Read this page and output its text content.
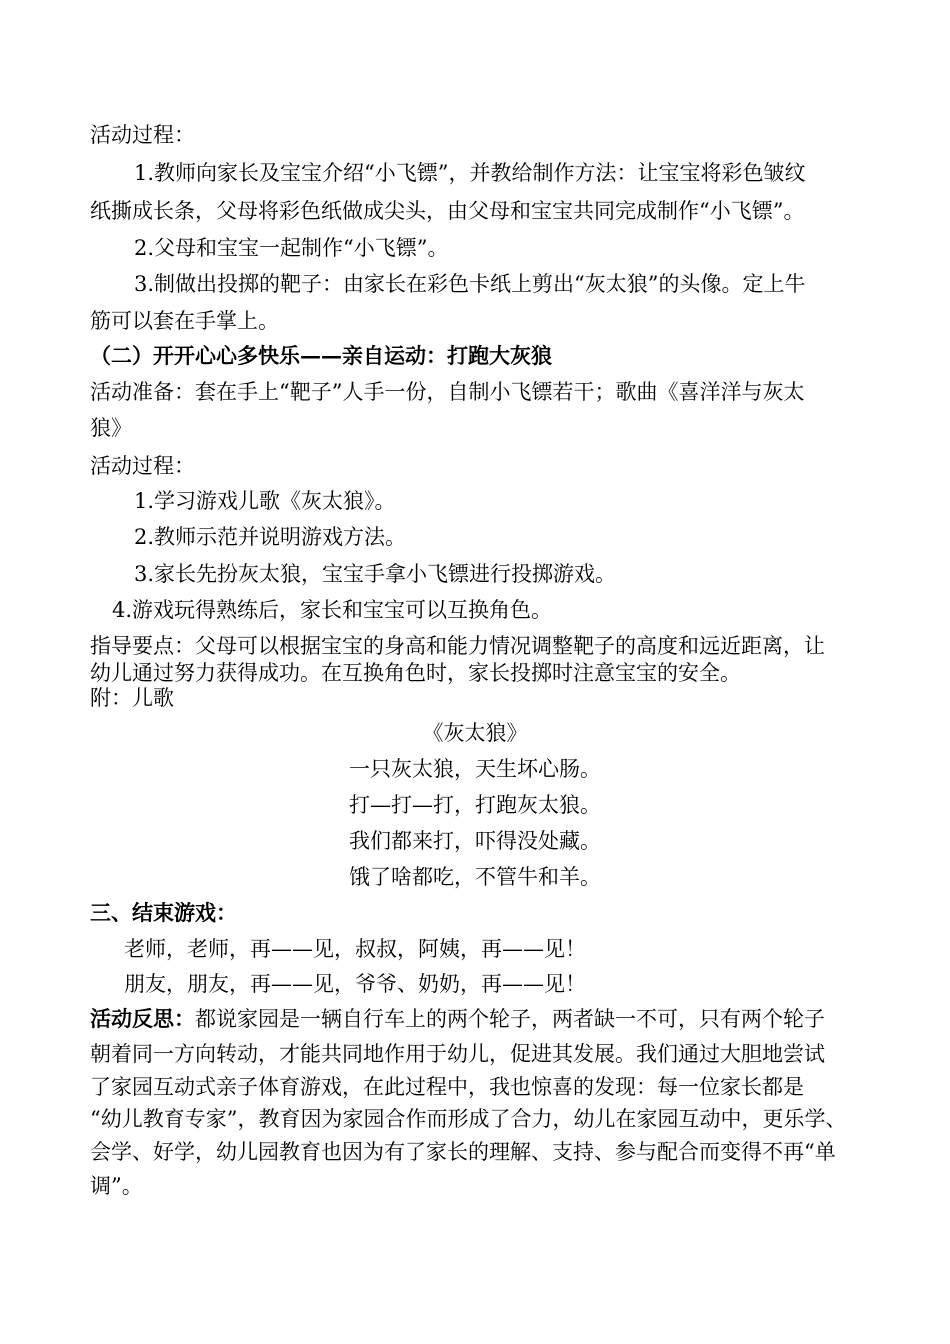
活动过程：
1.教师向家长及宝宝介绍“小飞镖”，并教给制作方法：让宝宝将彩色皱纹
纸撕成长条，父母将彩色纸做成尖头，由父母和宝宝共同完成制作“小飞镖”。
2.父母和宝宝一起制作“小飞镖”。
3.制做出投掷的靶子：由家长在彩色卡纸上剪出“灰太狼”的头像。定上牛
筋可以套在手掌上。
（二）开开心心多快乐——亲自运动：打跑大灰狼
活动准备：套在手上“靶子”人手一份，自制小飞镖若干；歌曲《喜洋洋与灰太
狼》
活动过程：
1.学习游戏儿歌《灰太狼》。
2.教师示范并说明游戏方法。
3.家长先扮灰太狼，宝宝手拿小飞镖进行投掷游戏。
4.游戏玩得熟练后，家长和宝宝可以互换角色。
指导要点：父母可以根据宝宝的身高和能力情况调整靶子的高度和远近距离，让
幼儿通过努力获得成功。在互换角色时，家长投掷时注意宝宝的安全。
附：儿歌
《灰太狼》
一只灰太狼，天生坏心肠。
打—打—打，打跑灰太狼。
我们都来打，吓得没处藏。
饿了啥都吃，不管牛和羊。
三、结束游戏：
老师，老师，再——见，叔叔，阿姨，再——见！
朋友，朋友，再——见，爷爷、奶奶，再——见！
活动反思：都说家园是一辆自行车上的两个轮子，两者缺一不可，只有两个轮子
朝着同一方向转动，才能共同地作用于幼儿，促进其发展。我们通过大胆地尝试
了家园互动式亲子体育游戏，在此过程中，我也惊喜的发现：每一位家长都是
“幼儿教育专家”，教育因为家园合作而形成了合力，幼儿在家园互动中，更乐学、
会学、好学，幼儿园教育也因为有了家长的理解、支持、参与配合而变得不再“单
调”。
